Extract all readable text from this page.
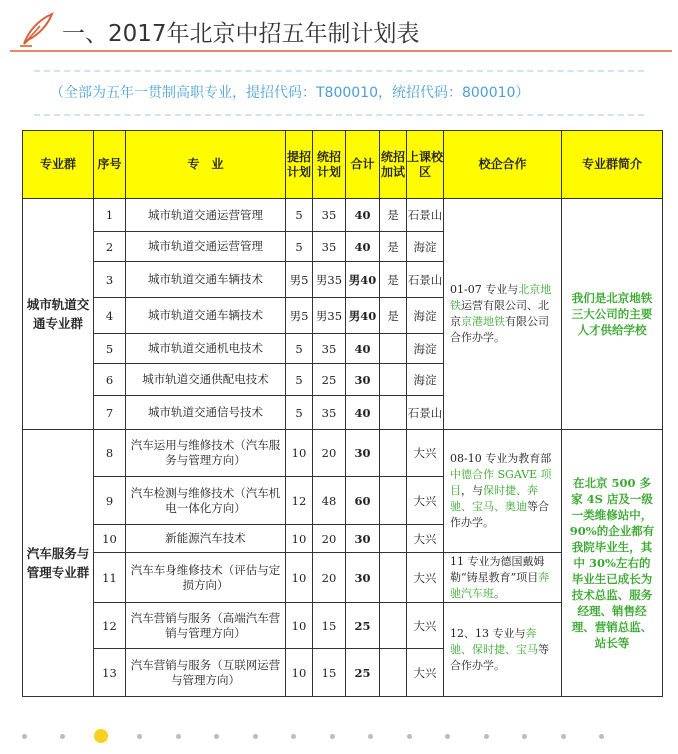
一、2017年北京中招五年制计划表
（全部为五年一贯制高职专业，提招代码：T800010，统招代码：800010）
专业群	序号	专　业	提招计划	统招计划	合计	统招加试	上课校区	校企合作	专业群简介
城市轨道交通专业群	1	城市轨道交通运营管理	5	35	40	是	石景山	01-07 专业与北京地铁运营有限公司、北京京港地铁有限公司合作办学。	我们是北京地铁三大公司的主要人才供给学校
	2	城市轨道交通运营管理	5	35	40	是	海淀		
	3	城市轨道交通车辆技术	男5	男35	男40	是	石景山		
	4	城市轨道交通车辆技术	男5	男35	男40	是	海淀		
	5	城市轨道交通机电技术	5	35	40		海淀		
	6	城市轨道交通供配电技术	5	25	30		海淀		
	7	城市轨道交通信号技术	5	35	40		石景山		
汽车服务与管理专业群	8	汽车运用与维修技术（汽车服务与管理方向）	10	20	30		大兴	08-10 专业为教育部中德合作 SGAVE 项目，与保时捷、奔驰、宝马、奥迪等合作办学。	在北京 500 多家 4S 店及一级一类维修站中，90%的企业都有我院毕业生，其中 30%左右的毕业生已成长为技术总监、服务经理、销售经理、营销总监、站长等
	9	汽车检测与维修技术（汽车机电一体化方向）	12	48	60		大兴		
	10	新能源汽车技术	10	20	30		大兴		
	11	汽车车身维修技术（评估与定损方向）	10	20	30		大兴	11 专业为德国戴姆勒“铸星教育”项目奔驰汽车班。	
	12	汽车营销与服务（高端汽车营销与管理方向）	10	15	25		大兴	12、13 专业与奔驰、保时捷、宝马等合作办学。	
	13	汽车营销与服务（互联网运营与管理方向）	10	15	25		大兴		
